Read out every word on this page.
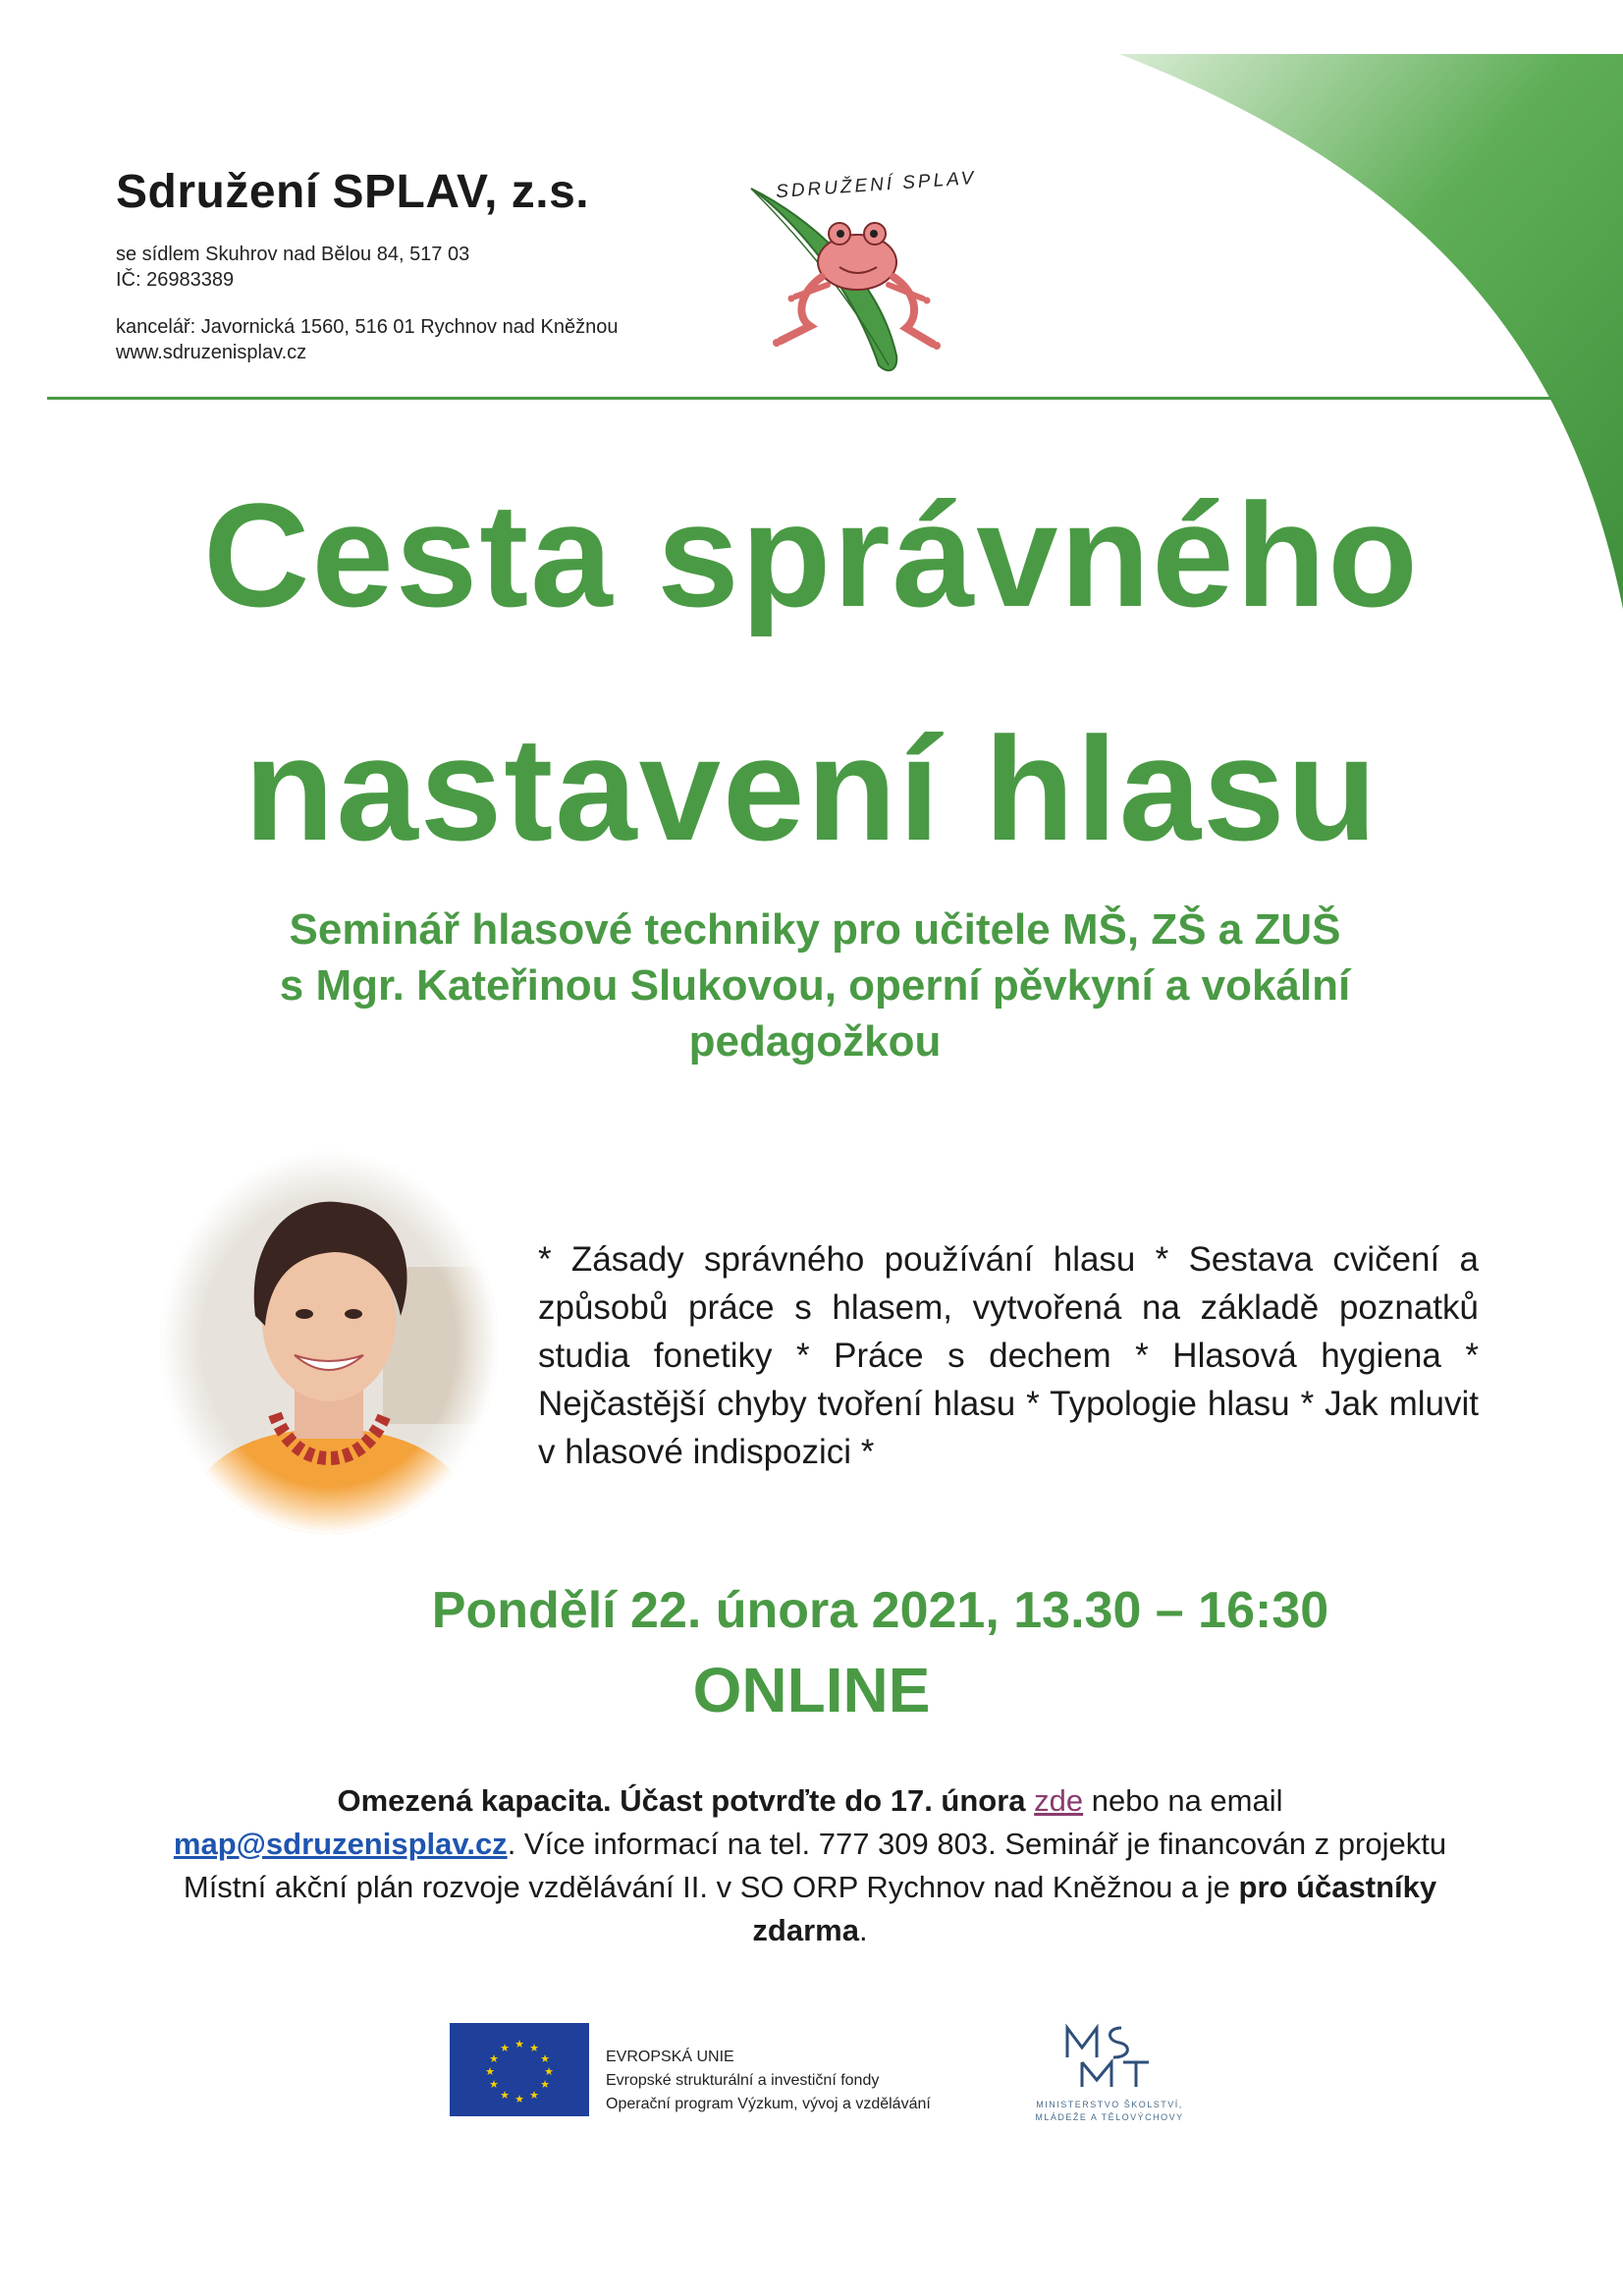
Sdružení SPLAV, z.s.
se sídlem Skuhrov nad Bělou 84, 517 03
IČ: 26983389
kancelář: Javornická 1560, 516 01 Rychnov nad Kněžnou
www.sdruzenisplav.cz
SDRUŽENÍ SPLAV
Cesta správného
nastavení hlasu
Seminář hlasové techniky pro učitele MŠ, ZŠ a ZUŠ
s Mgr. Kateřinou Slukovou, operní pěvkyní a vokální
pedagožkou
* Zásady správného používání hlasu * Sestava cvičení a způsobů práce s hlasem, vytvořená na základě poznatků studia fonetiky * Práce s dechem * Hlasová hygiena * Nejčastější chyby tvoření hlasu * Typologie hlasu * Jak mluvit v hlasové indispozici *
Pondělí 22. února 2021, 13.30 – 16:30
ONLINE
Omezená kapacita. Účast potvrďte do 17. února zde nebo na email
map@sdruzenisplav.cz. Více informací na tel. 777 309 803. Seminář je financován z projektu Místní akční plán rozvoje vzdělávání II. v SO ORP Rychnov nad Kněžnou a je pro účastníky zdarma.
★ ★
★
★
★
★
★
★
★
★
★
★
EVROPSKÁ UNIE
Evropské strukturální a investiční fondy
Operační program Výzkum, vývoj a vzdělávání	MINISTERSTVO ŠKOLSTVÍ,
MLÁDEŽE A TĚLOVÝCHOVY
